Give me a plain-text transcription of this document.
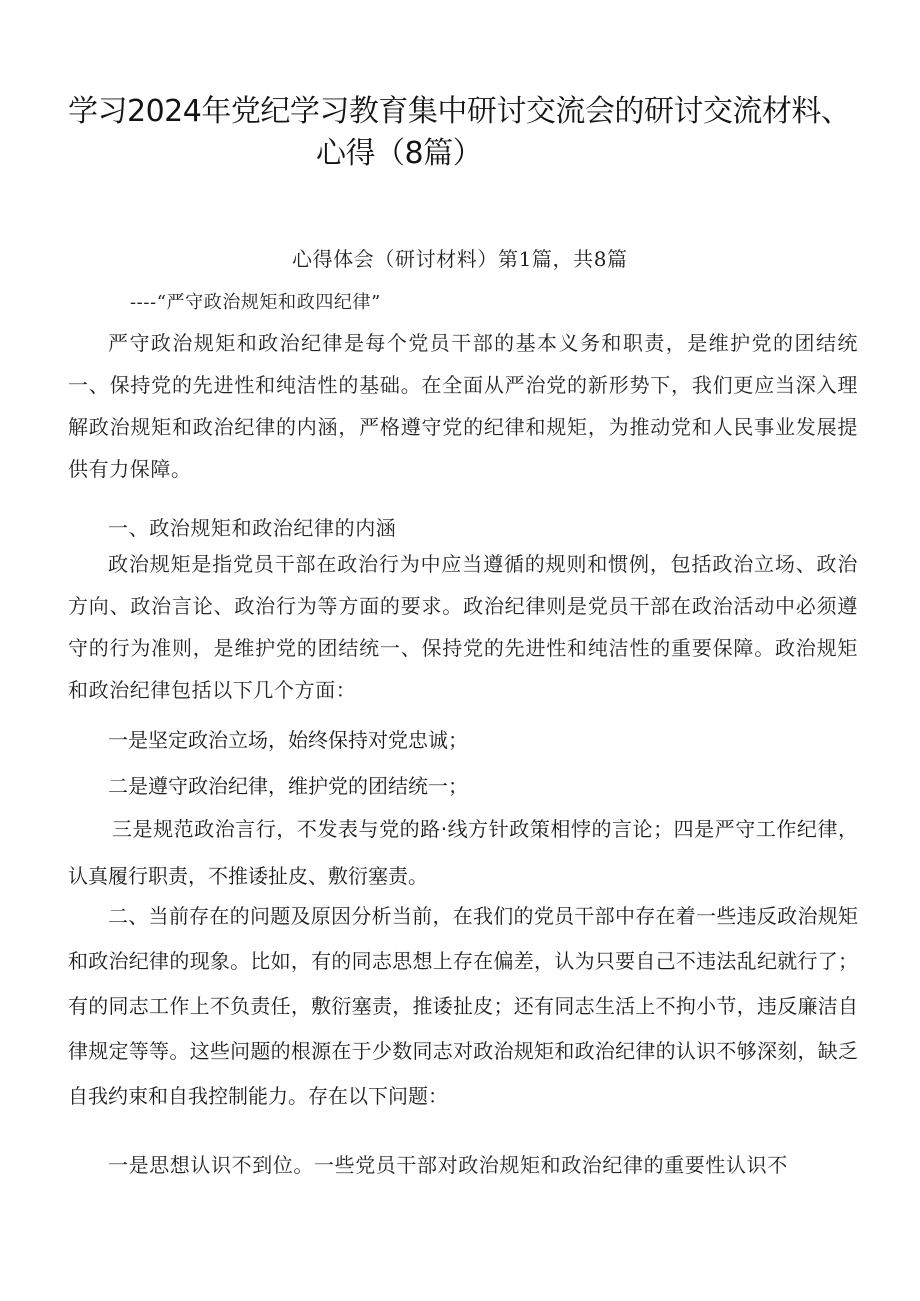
学习2024年党纪学习教育集中研讨交流会的研讨交流材料、
心得（8篇）
心得体会（研讨材料）第1篇，共8篇
----“严守政治规矩和政四纪律”
严守政治规矩和政治纪律是每个党员干部的基本义务和职责，是维护党的团结统一、保持党的先进性和纯洁性的基础。在全面从严治党的新形势下，我们更应当深入理解政治规矩和政治纪律的内涵，严格遵守党的纪律和规矩，为推动党和人民事业发展提供有力保障。
一、政治规矩和政治纪律的内涵
政治规矩是指党员干部在政治行为中应当遵循的规则和惯例，包括政治立场、政治方向、政治言论、政治行为等方面的要求。政治纪律则是党员干部在政治活动中必须遵守的行为准则，是维护党的团结统一、保持党的先进性和纯洁性的重要保障。政治规矩和政治纪律包括以下几个方面：
一是坚定政治立场，始终保持对党忠诚；
二是遵守政治纪律，维护党的团结统一；
三是规范政治言行，不发表与党的路·线方针政策相悖的言论；四是严守工作纪律，认真履行职责，不推诿扯皮、敷衍塞责。
二、当前存在的问题及原因分析当前，在我们的党员干部中存在着一些违反政治规矩和政治纪律的现象。比如，有的同志思想上存在偏差，认为只要自己不违法乱纪就行了；有的同志工作上不负责任，敷衍塞责，推诿扯皮；还有同志生活上不拘小节，违反廉洁自律规定等等。这些问题的根源在于少数同志对政治规矩和政治纪律的认识不够深刻，缺乏自我约束和自我控制能力。存在以下问题：
一是思想认识不到位。一些党员干部对政治规矩和政治纪律的重要性认识不
